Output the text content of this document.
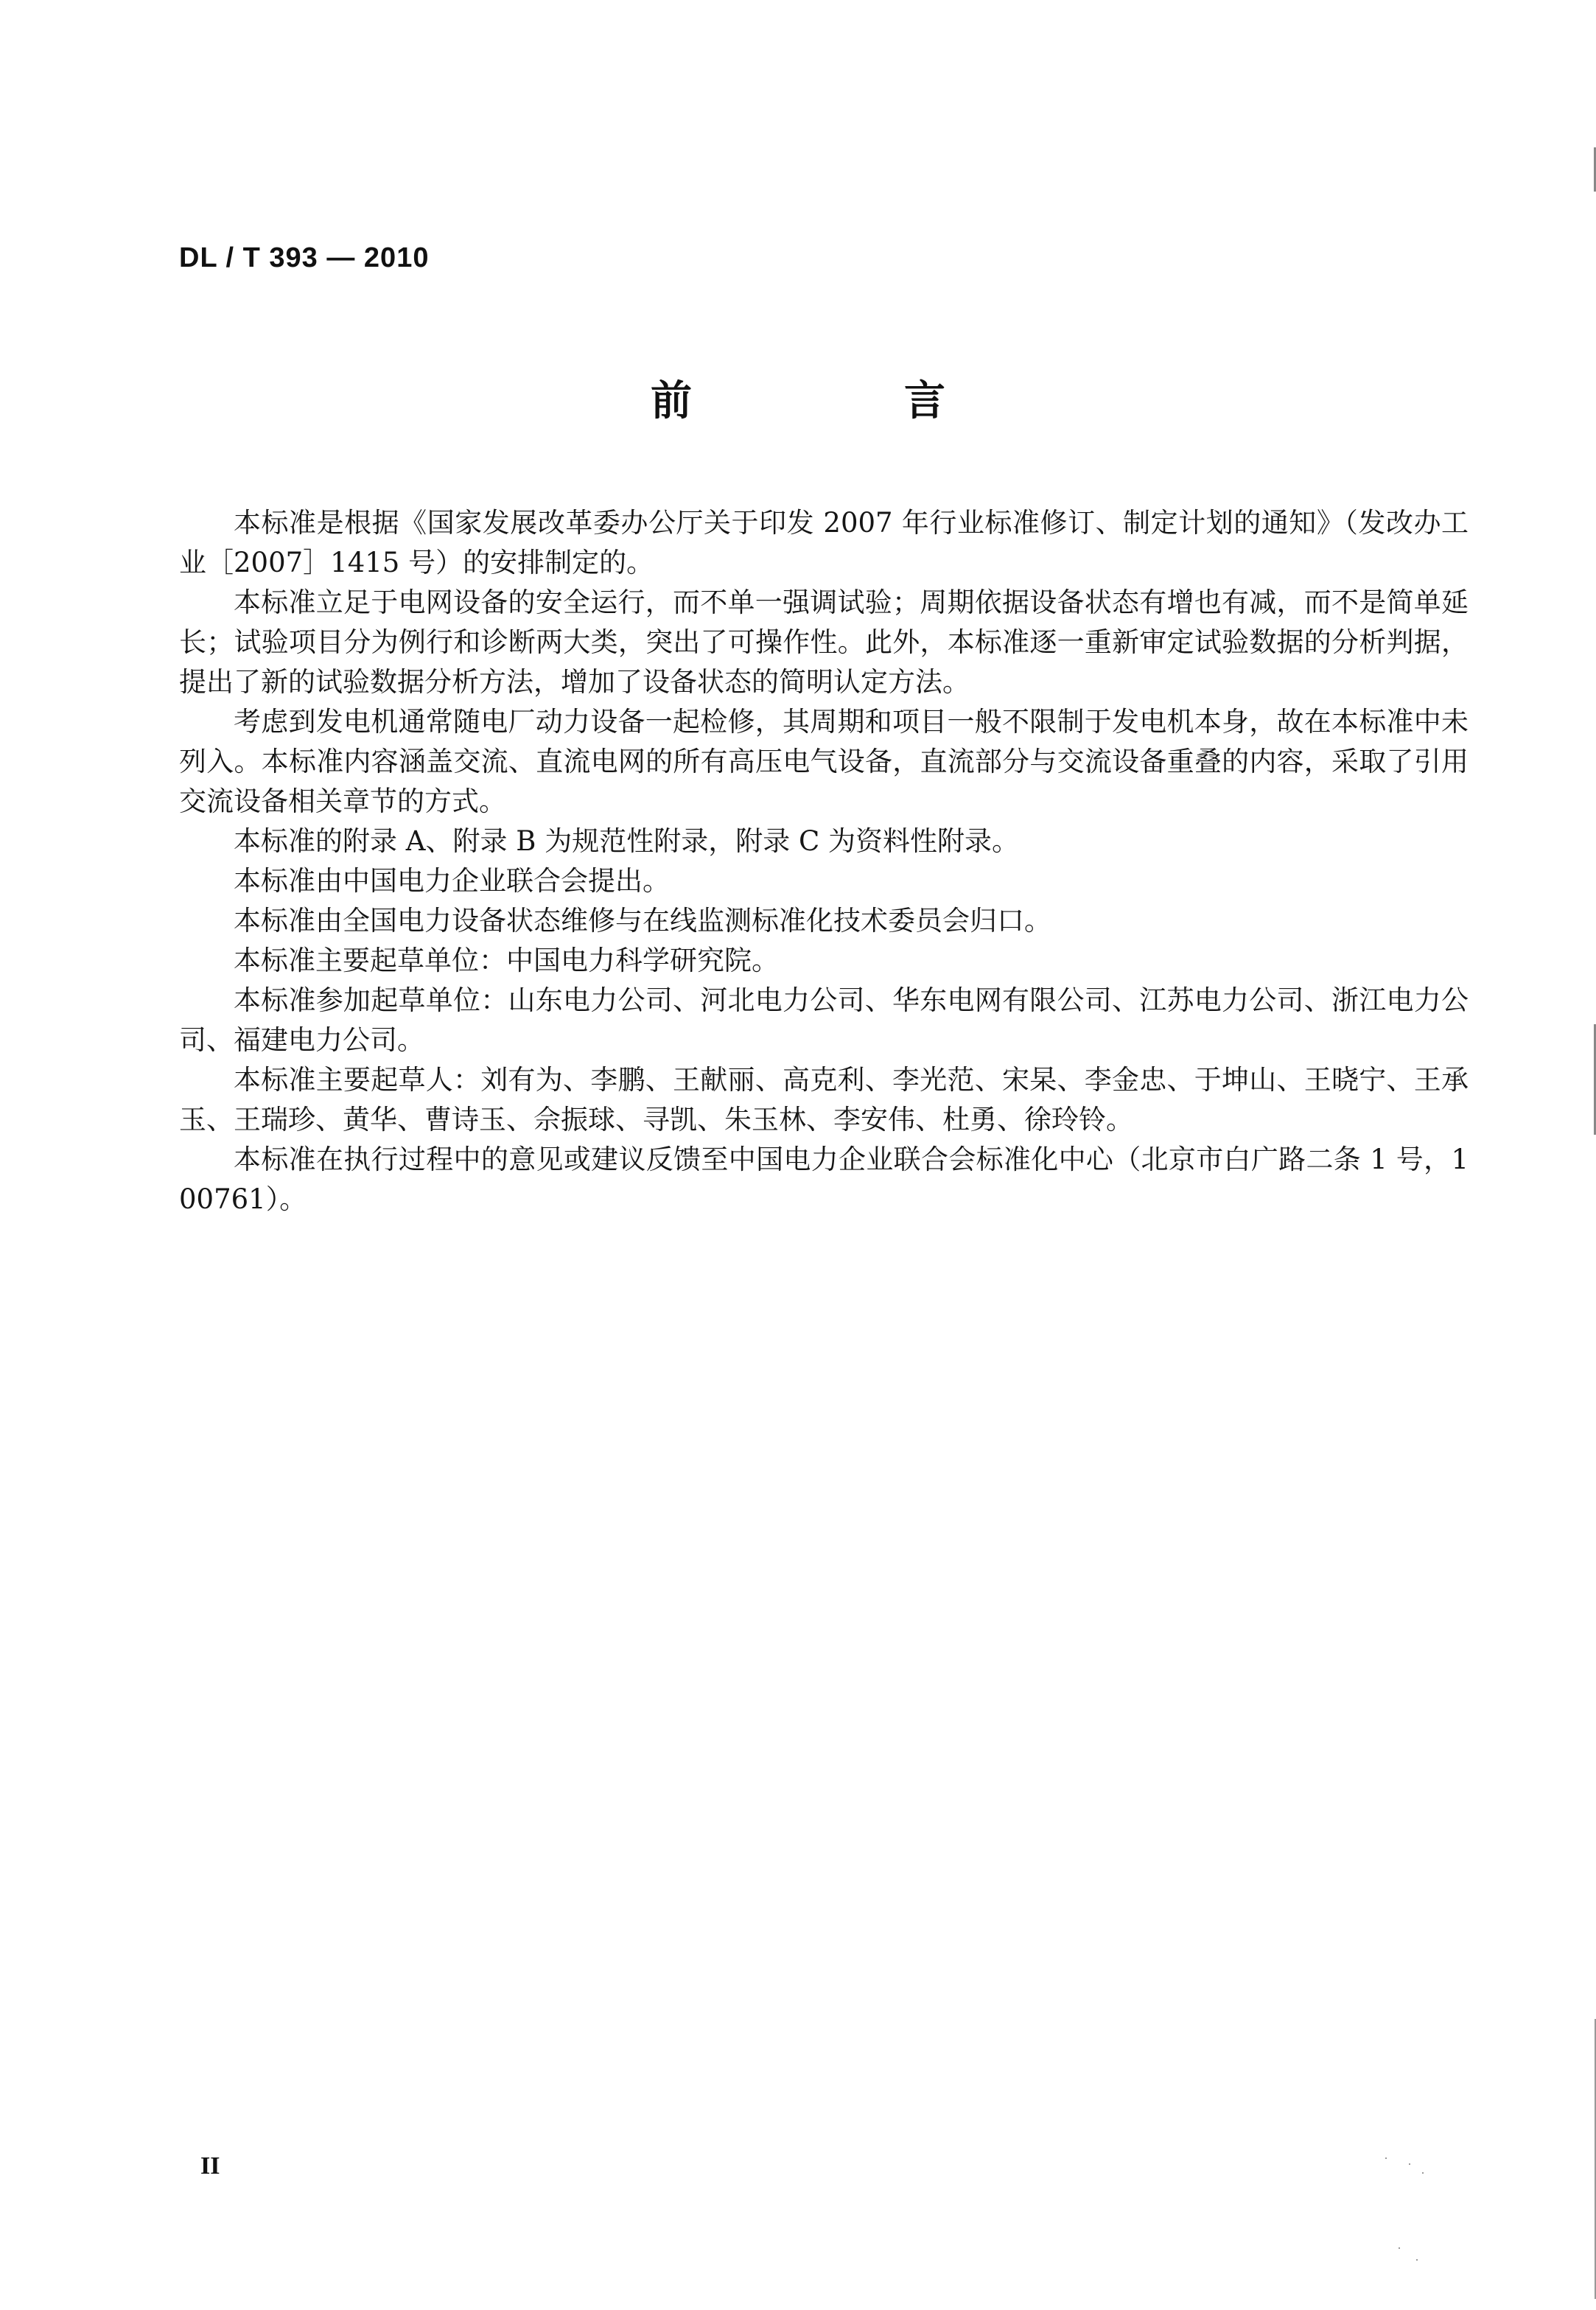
DL / T 393 — 2010
前　言

本标准是根据《国家发展改革委办公厅关于印发 2007 年行业标准修订、制定计划的通知》（发改办工业［2007］1415 号）的安排制定的。

本标准立足于电网设备的安全运行，而不单一强调试验；周期依据设备状态有增也有减，而不是简单延长；试验项目分为例行和诊断两大类，突出了可操作性。此外，本标准逐一重新审定试验数据的分析判据，提出了新的试验数据分析方法，增加了设备状态的简明认定方法。

考虑到发电机通常随电厂动力设备一起检修，其周期和项目一般不限制于发电机本身，故在本标准中未列入。本标准内容涵盖交流、直流电网的所有高压电气设备，直流部分与交流设备重叠的内容，采取了引用交流设备相关章节的方式。

本标准的附录 A、附录 B 为规范性附录，附录 C 为资料性附录。

本标准由中国电力企业联合会提出。

本标准由全国电力设备状态维修与在线监测标准化技术委员会归口。

本标准主要起草单位：中国电力科学研究院。

本标准参加起草单位：山东电力公司、河北电力公司、华东电网有限公司、江苏电力公司、浙江电力公司、福建电力公司。

本标准主要起草人：刘有为、李鹏、王献丽、高克利、李光范、宋杲、李金忠、于坤山、王晓宁、王承玉、王瑞珍、黄华、曹诗玉、佘振球、寻凯、朱玉林、李安伟、杜勇、徐玲铃。

本标准在执行过程中的意见或建议反馈至中国电力企业联合会标准化中心（北京市白广路二条 1 号，100761）。

II
